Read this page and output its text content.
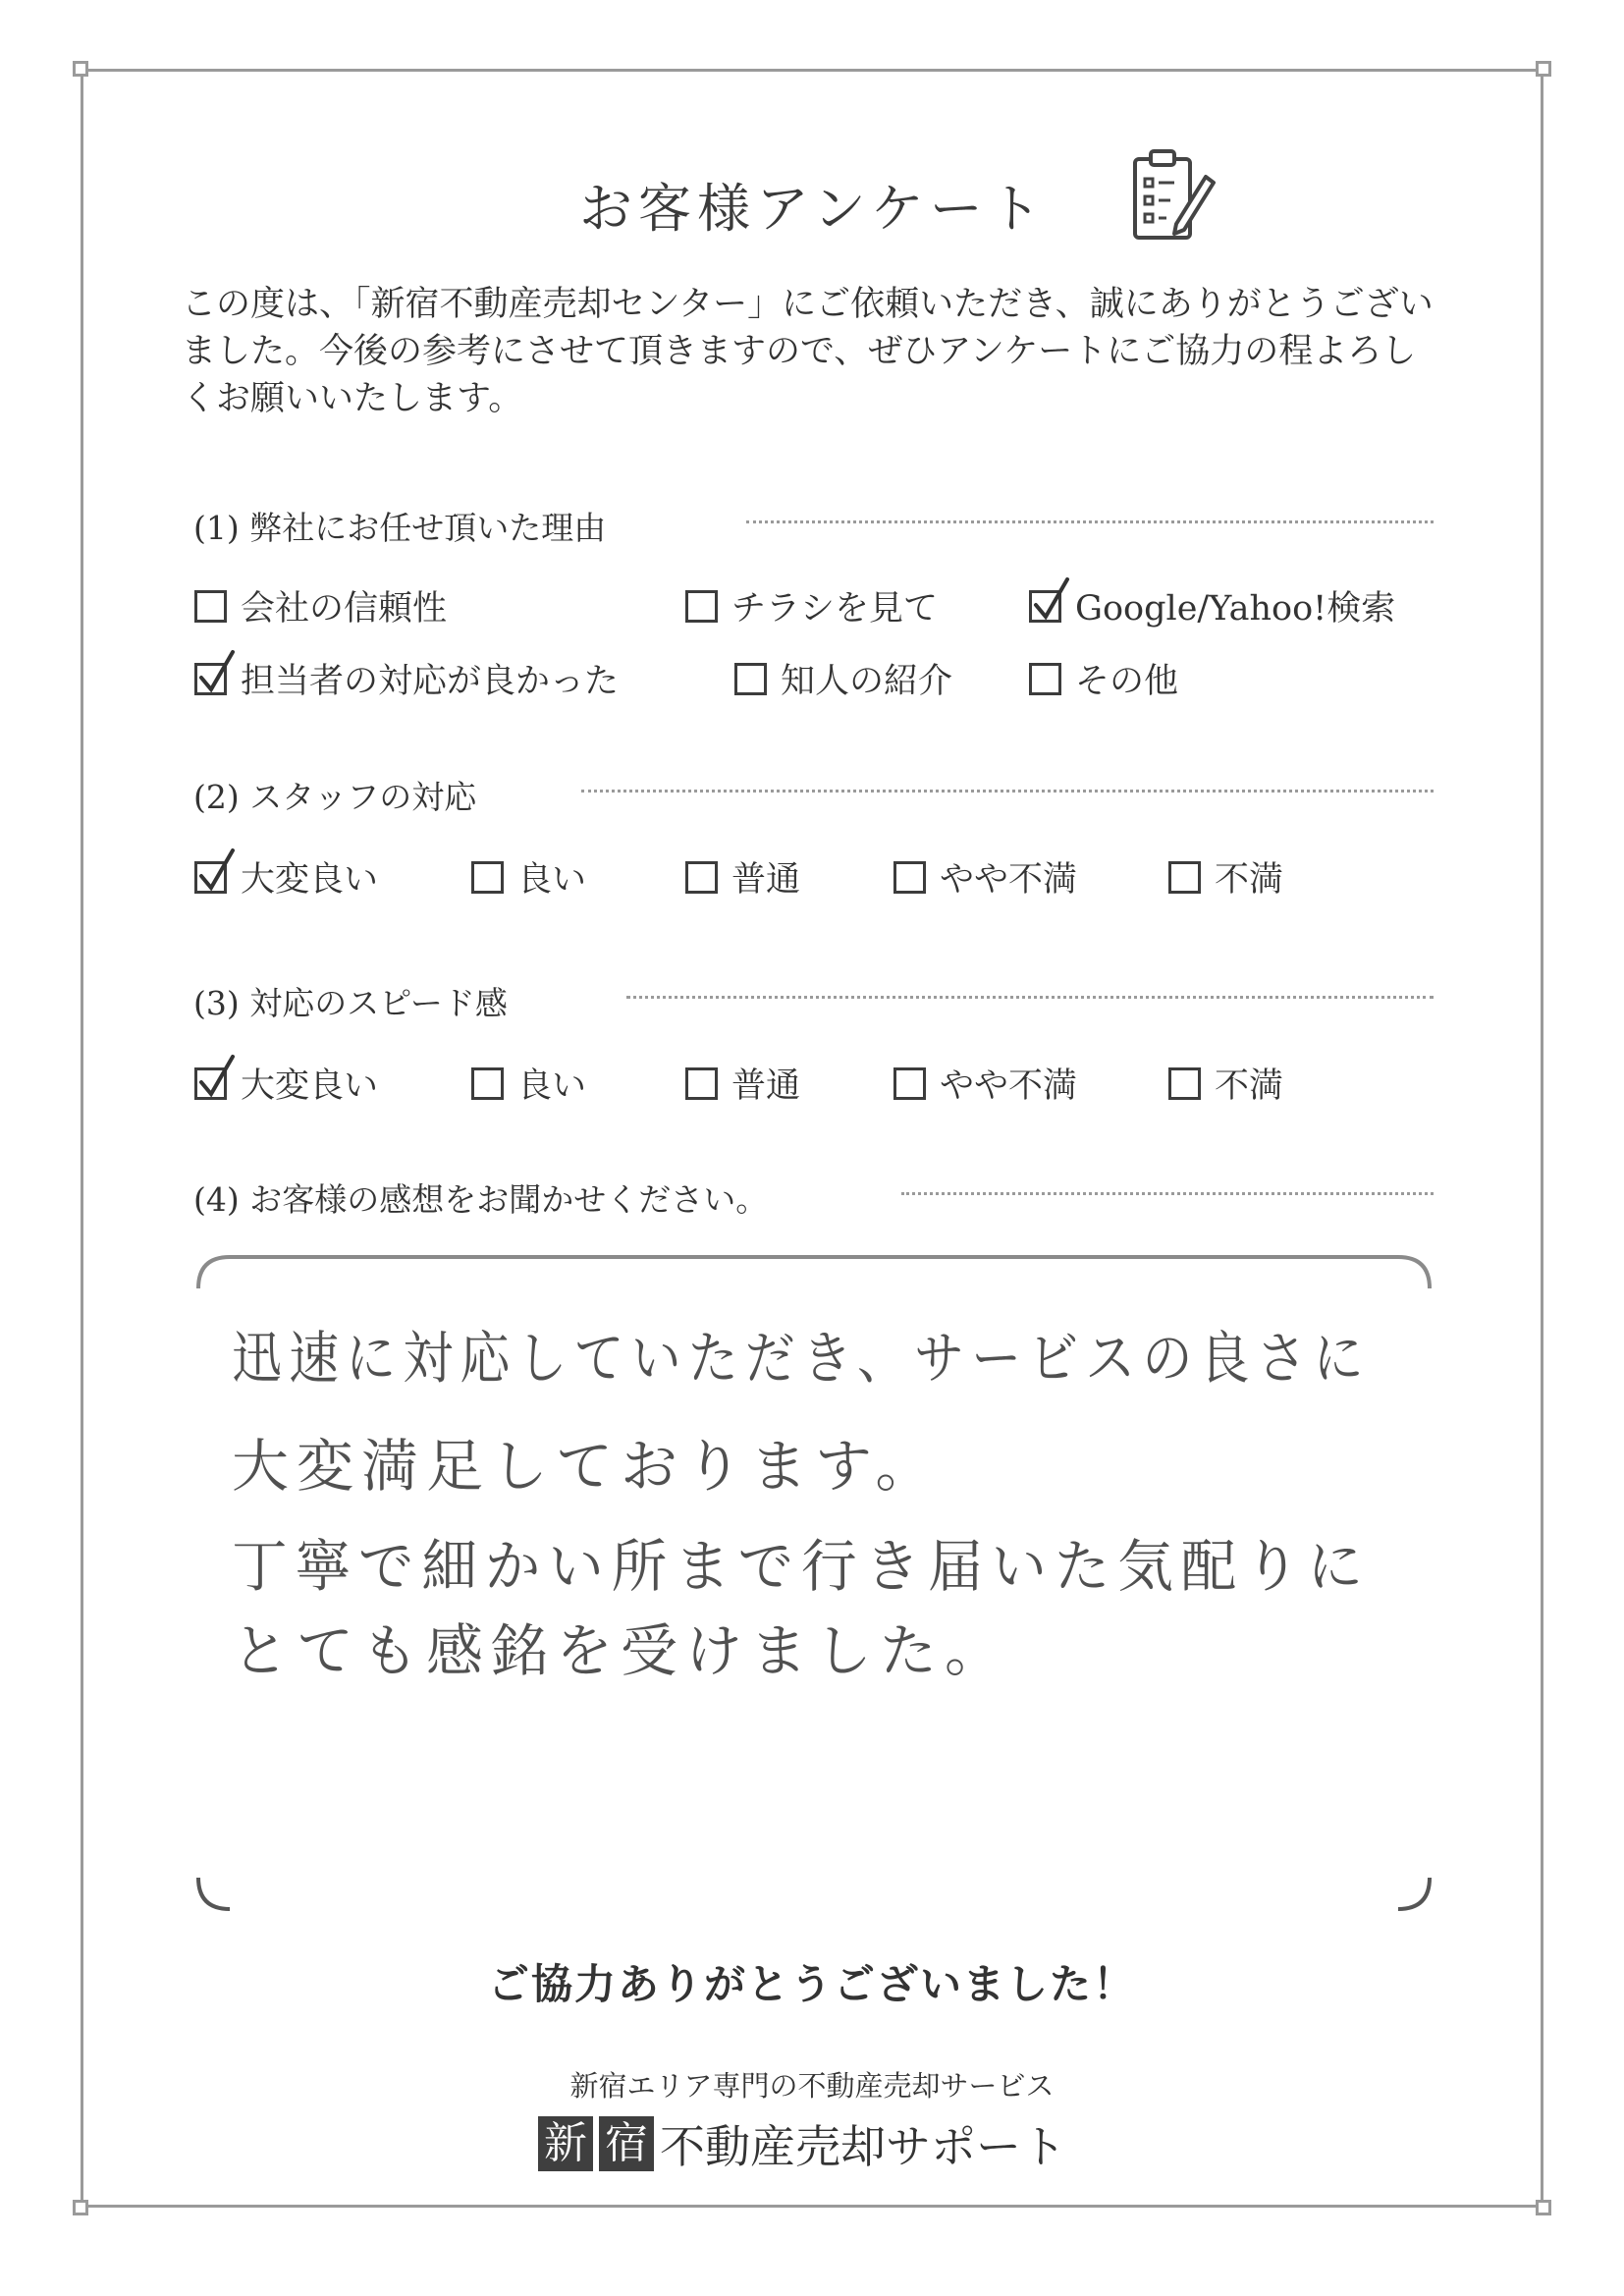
お客様アンケート
この度は、「新宿不動産売却センター」にご依頼いただき、誠にありがとうございました。今後の参考にさせて頂きますので、ぜひアンケートにご協力の程よろしくお願いいたします。
(1) 弊社にお任せ頂いた理由
会社の信頼性	チラシを見て	Google/Yahoo!検索
担当者の対応が良かった	知人の紹介	その他
(2) スタッフの対応
大変良い	良い	普通	やや不満	不満
(3) 対応のスピード感
大変良い	良い	普通	やや不満	不満
(4) お客様の感想をお聞かせください。
迅速に対応していただき、サービスの良さに
大変満足しております。
丁寧で細かい所まで行き届いた気配りに
とても感銘を受けました。
ご協力ありがとうございました！
新宿エリア専門の不動産売却サービス
新 宿 不動産売却サポート
